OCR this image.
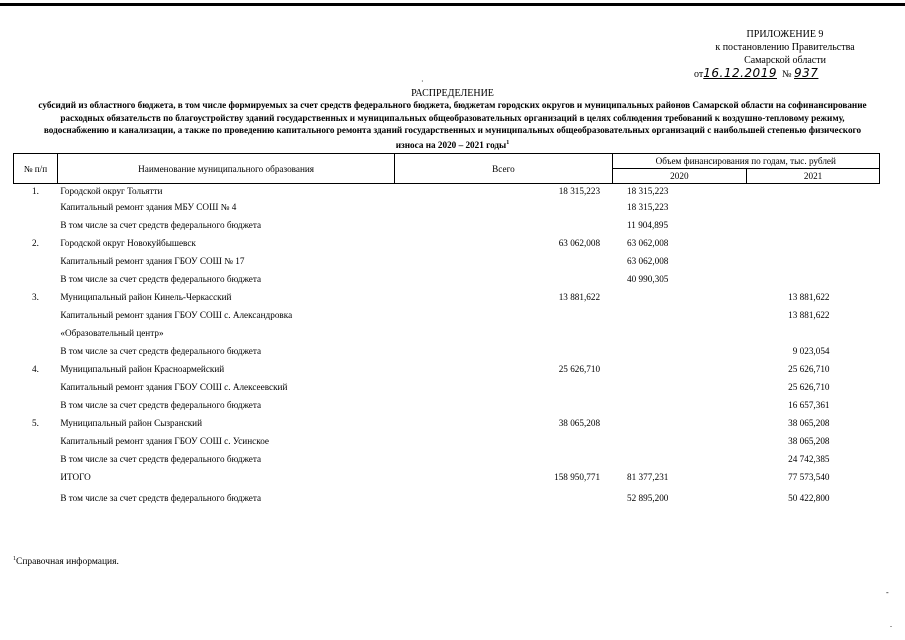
ПРИЛОЖЕНИЕ 9
к постановлению Правительства
Самарской области
от16.12.2019 № 937
·
РАСПРЕДЕЛЕНИЕ
субсидий из областного бюджета, в том числе формируемых за счет средств федерального бюджета, бюджетам городских округов и муниципальных районов Самарской области на софинансирование расходных обязательств по благоустройству зданий государственных и муниципальных общеобразовательных организаций в целях соблюдения требований к воздушно-тепловому режиму, водоснабжению и канализации, а также по проведению капитального ремонта зданий государственных и муниципальных общеобразовательных организаций с наибольшей степенью физического износа на 2020 – 2021 годы$^1$
№ п/п	Наименование муниципального образования	Всего	Объем финансирования по годам, тыс. рублей	
			2020	2021
1.	Городской округ Тольятти	18 315,223	18 315,223	
	Капитальный ремонт здания МБУ СОШ № 4		18 315,223	
	В том числе за счет средств федерального бюджета		11 904,895	
2.	Городской округ Новокуйбышевск	63 062,008	63 062,008	
	Капитальный ремонт здания ГБОУ СОШ № 17		63 062,008	
	В том числе за счет средств федерального бюджета		40 990,305	
3.	Муниципальный район Кинель-Черкасский	13 881,622		13 881,622
	Капитальный ремонт здания ГБОУ СОШ с. Александровка			13 881,622
	«Образовательный центр»			
	В том числе за счет средств федерального бюджета			9 023,054
4.	Муниципальный район Красноармейский	25 626,710		25 626,710
	Капитальный ремонт здания ГБОУ СОШ с. Алексеевский			25 626,710
	В том числе за счет средств федерального бюджета			16 657,361
5.	Муниципальный район Сызранский	38 065,208		38 065,208
	Капитальный ремонт здания ГБОУ СОШ с. Усинское			38 065,208
	В том числе за счет средств федерального бюджета			24 742,385
	ИТОГО	158 950,771	81 377,231	77 573,540
	В том числе за счет средств федерального бюджета		52 895,200	50 422,800
$^1$Справочная информация.
-
.
